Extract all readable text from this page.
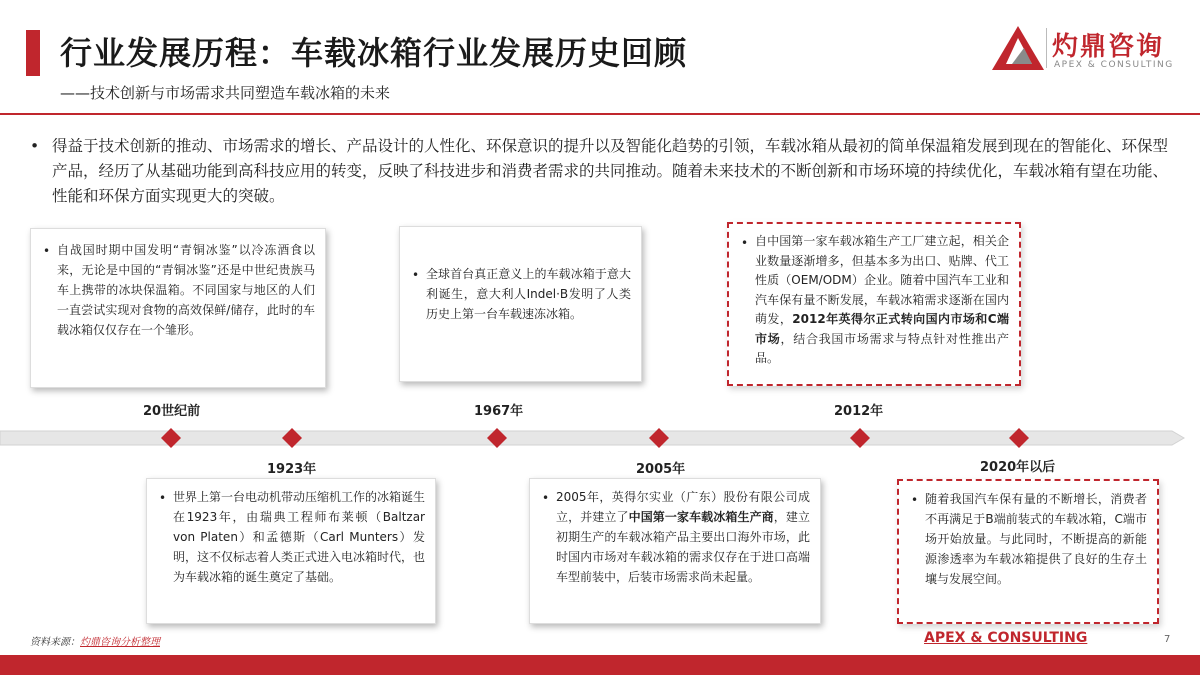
行业发展历程：车载冰箱行业发展历史回顾
——技术创新与市场需求共同塑造车载冰箱的未来
灼鼎咨询
APEX & CONSULTING
• 得益于技术创新的推动、市场需求的增长、产品设计的人性化、环保意识的提升以及智能化趋势的引领，车载冰箱从最初的简单保温箱发展到现在的智能化、环保型产品，经历了从基础功能到高科技应用的转变，反映了科技进步和消费者需求的共同推动。随着未来技术的不断创新和市场环境的持续优化，车载冰箱有望在功能、性能和环保方面实现更大的突破。
• 自战国时期中国发明“青铜冰鉴”以冷冻酒食以来，无论是中国的“青铜冰鉴”还是中世纪贵族马车上携带的冰块保温箱。不同国家与地区的人们一直尝试实现对食物的高效保鲜/储存，此时的车载冰箱仅仅存在一个雏形。
• 全球首台真正意义上的车载冰箱于意大利诞生，意大利人Indel·B发明了人类历史上第一台车载速冻冰箱。
• 自中国第一家车载冰箱生产工厂建立起，相关企业数量逐渐增多，但基本多为出口、贴牌、代工性质（OEM/ODM）企业。随着中国汽车工业和汽车保有量不断发展，车载冰箱需求逐渐在国内萌发，2012年英得尔正式转向国内市场和C端市场，结合我国市场需求与特点针对性推出产品。
20世纪前	1967年	2012年
1923年	2005年	2020年以后
• 世界上第一台电动机带动压缩机工作的冰箱诞生在1923年，由瑞典工程师布莱顿（Baltzar von Platen）和孟德斯（Carl Munters）发明，这不仅标志着人类正式进入电冰箱时代，也为车载冰箱的诞生奠定了基础。
• 2005年，英得尔实业（广东）股份有限公司成立，并建立了中国第一家车载冰箱生产商，建立初期生产的车载冰箱产品主要出口海外市场，此时国内市场对车载冰箱的需求仅存在于进口高端车型前装中，后装市场需求尚未起量。
• 随着我国汽车保有量的不断增长，消费者不再满足于B端前装式的车载冰箱，C端市场开始放量。与此同时，不断提高的新能源渗透率为车载冰箱提供了良好的生存土壤与发展空间。
资料来源：灼鼎咨询分析整理	APEX & CONSULTING	7
